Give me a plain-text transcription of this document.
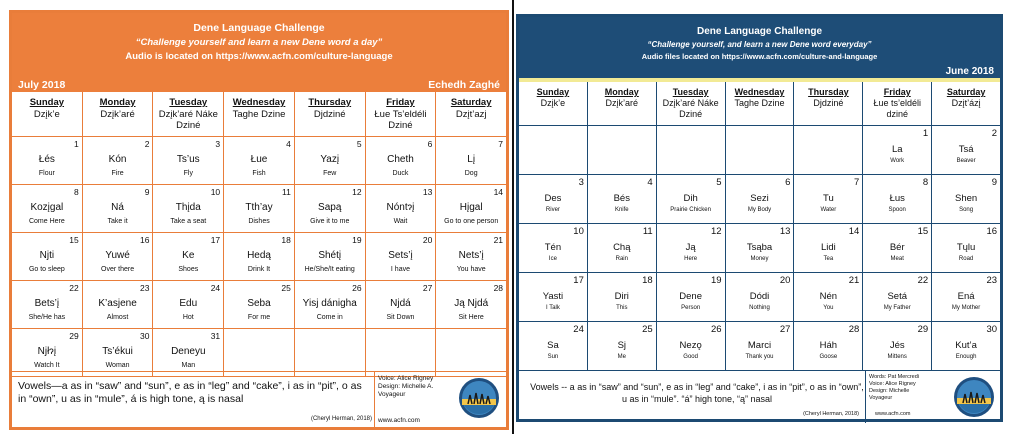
Dene Language Challenge
“Challenge yourself and learn a new Dene word a day”
Audio is located on https://www.acfn.com/culture-language
July 2018	Echedh Zaghé
Sunday
Dzįk’e
Monday
Dzįk’aré
Tuesday
Dzįk’aré Náke Dziné
Wednesday
Taghe Dzine
Thursday
Djdziné
Friday
Łue Ts’eldéli Dziné
Saturday
Dzįt’azj
1
Łés
Flour
2
Kón
Fire
3
Ts’us
Fly
4
Łue
Fish
5
Yazį
Few
6
Cheth
Duck
7
Lį
Dog
8
Kozįgal
Come Here
9
Ná
Take it
10
Thįda
Take a seat
11
Tth’ay
Dishes
12
Sapą
Give it to me
13
Nóntɂį
Wait
14
Hįgal
Go to one person
15
Njti
Go to sleep
16
Yuwé
Over there
17
Ke
Shoes
18
Hedą
Drink It
19
Shétį
He/She/It eating
20
Sets’į
I have
21
Nets’į
You have
22
Bets’į
She/He has
23
K’asjene
Almost
24
Edu
Hot
25
Seba
For me
26
Yisj dánigha
Come in
27
Njdá
Sit Down
28
Ją Njdá
Sit Here
29
Njłɂį
Watch It
30
Ts’ékui
Woman
31
Deneyu
Man
Vowels—a as in “saw” and “sun”, e as in “leg” and “cake”, i as in “pit”, o as in “own”, u as in “mule”, á is high tone, ą is nasal
(Cheryl Herman, 2018)
Voice: Alice Rigney
Design: Michelle A. Voyageur
www.acfn.com
Dene Language Challenge
“Challenge yourself, and learn a new Dene word everyday”
Audio files located on https://www.acfn.com/culture-and-language
June 2018
Sunday
Dzįk’e
Monday
Dzįk’aré
Tuesday
Dzįk’aré Náke Dziné
Wednesday
Taghe Dzine
Thursday
Djdziné
Friday
Łue ts’eldéli dziné
Saturday
Dzįt’ázį
1
La
Work
2
Tsá
Beaver
3
Des
River
4
Bés
Knife
5
Dih
Prairie Chicken
6
Sezi
My Body
7
Tu
Water
8
Łus
Spoon
9
Shen
Song
10
Tén
Ice
11
Chą
Rain
12
Ją
Here
13
Tsąba
Money
14
Lidi
Tea
15
Bér
Meat
16
Tųlu
Road
17
Yasti
I Talk
18
Diri
This
19
Dene
Person
20
Dódi
Nothing
21
Nén
You
22
Setá
My Father
23
Ená
My Mother
24
Sa
Sun
25
Sj
Me
26
Nezǫ
Good
27
Marci
Thank you
28
Háh
Goose
29
Jés
Mittens
30
Kut’a
Enough
Vowels -- a as in “saw” and “sun”, e as in “leg” and “cake”, i as in “pit”, o as in “own”, u as in “mule”. “á” high tone, “ą” nasal
(Cheryl Herman, 2018)
Words: Pat Mercredi
Voice: Alice Rigney
Design: Michelle Voyageur
www.acfn.com
